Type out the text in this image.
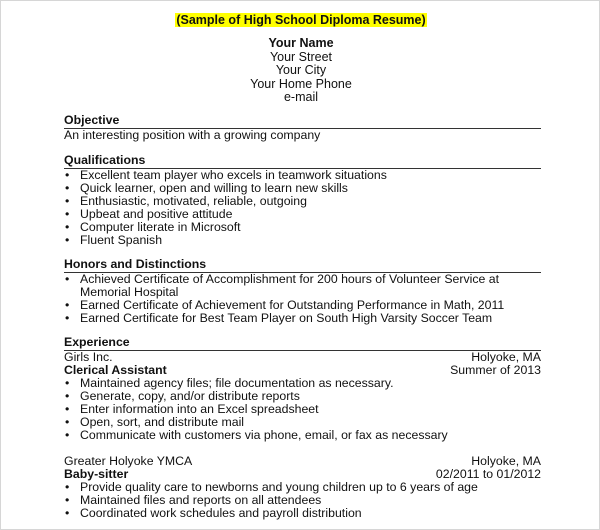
(Sample of High School Diploma Resume)
Your Name
Your Street
Your City
Your Home Phone
e-mail
Objective
An interesting position with a growing company
Qualifications
• Excellent team player who excels in teamwork situations
• Quick learner, open and willing to learn new skills
• Enthusiastic, motivated, reliable, outgoing
• Upbeat and positive attitude
• Computer literate in Microsoft
• Fluent Spanish
Honors and Distinctions
• Achieved Certificate of Accomplishment for 200 hours of Volunteer Service at Memorial Hospital
• Earned Certificate of Achievement for Outstanding Performance in Math, 2011
• Earned Certificate for Best Team Player on South High Varsity Soccer Team
Experience
Girls Inc.	Holyoke, MA
Clerical Assistant	Summer of 2013
• Maintained agency files; file documentation as necessary.
• Generate, copy, and/or distribute reports
• Enter information into an Excel spreadsheet
• Open, sort, and distribute mail
• Communicate with customers via phone, email, or fax as necessary
Greater Holyoke YMCA	Holyoke, MA
Baby-sitter	02/2011 to 01/2012
• Provide quality care to newborns and young children up to 6 years of age
• Maintained files and reports on all attendees
• Coordinated work schedules and payroll distribution
